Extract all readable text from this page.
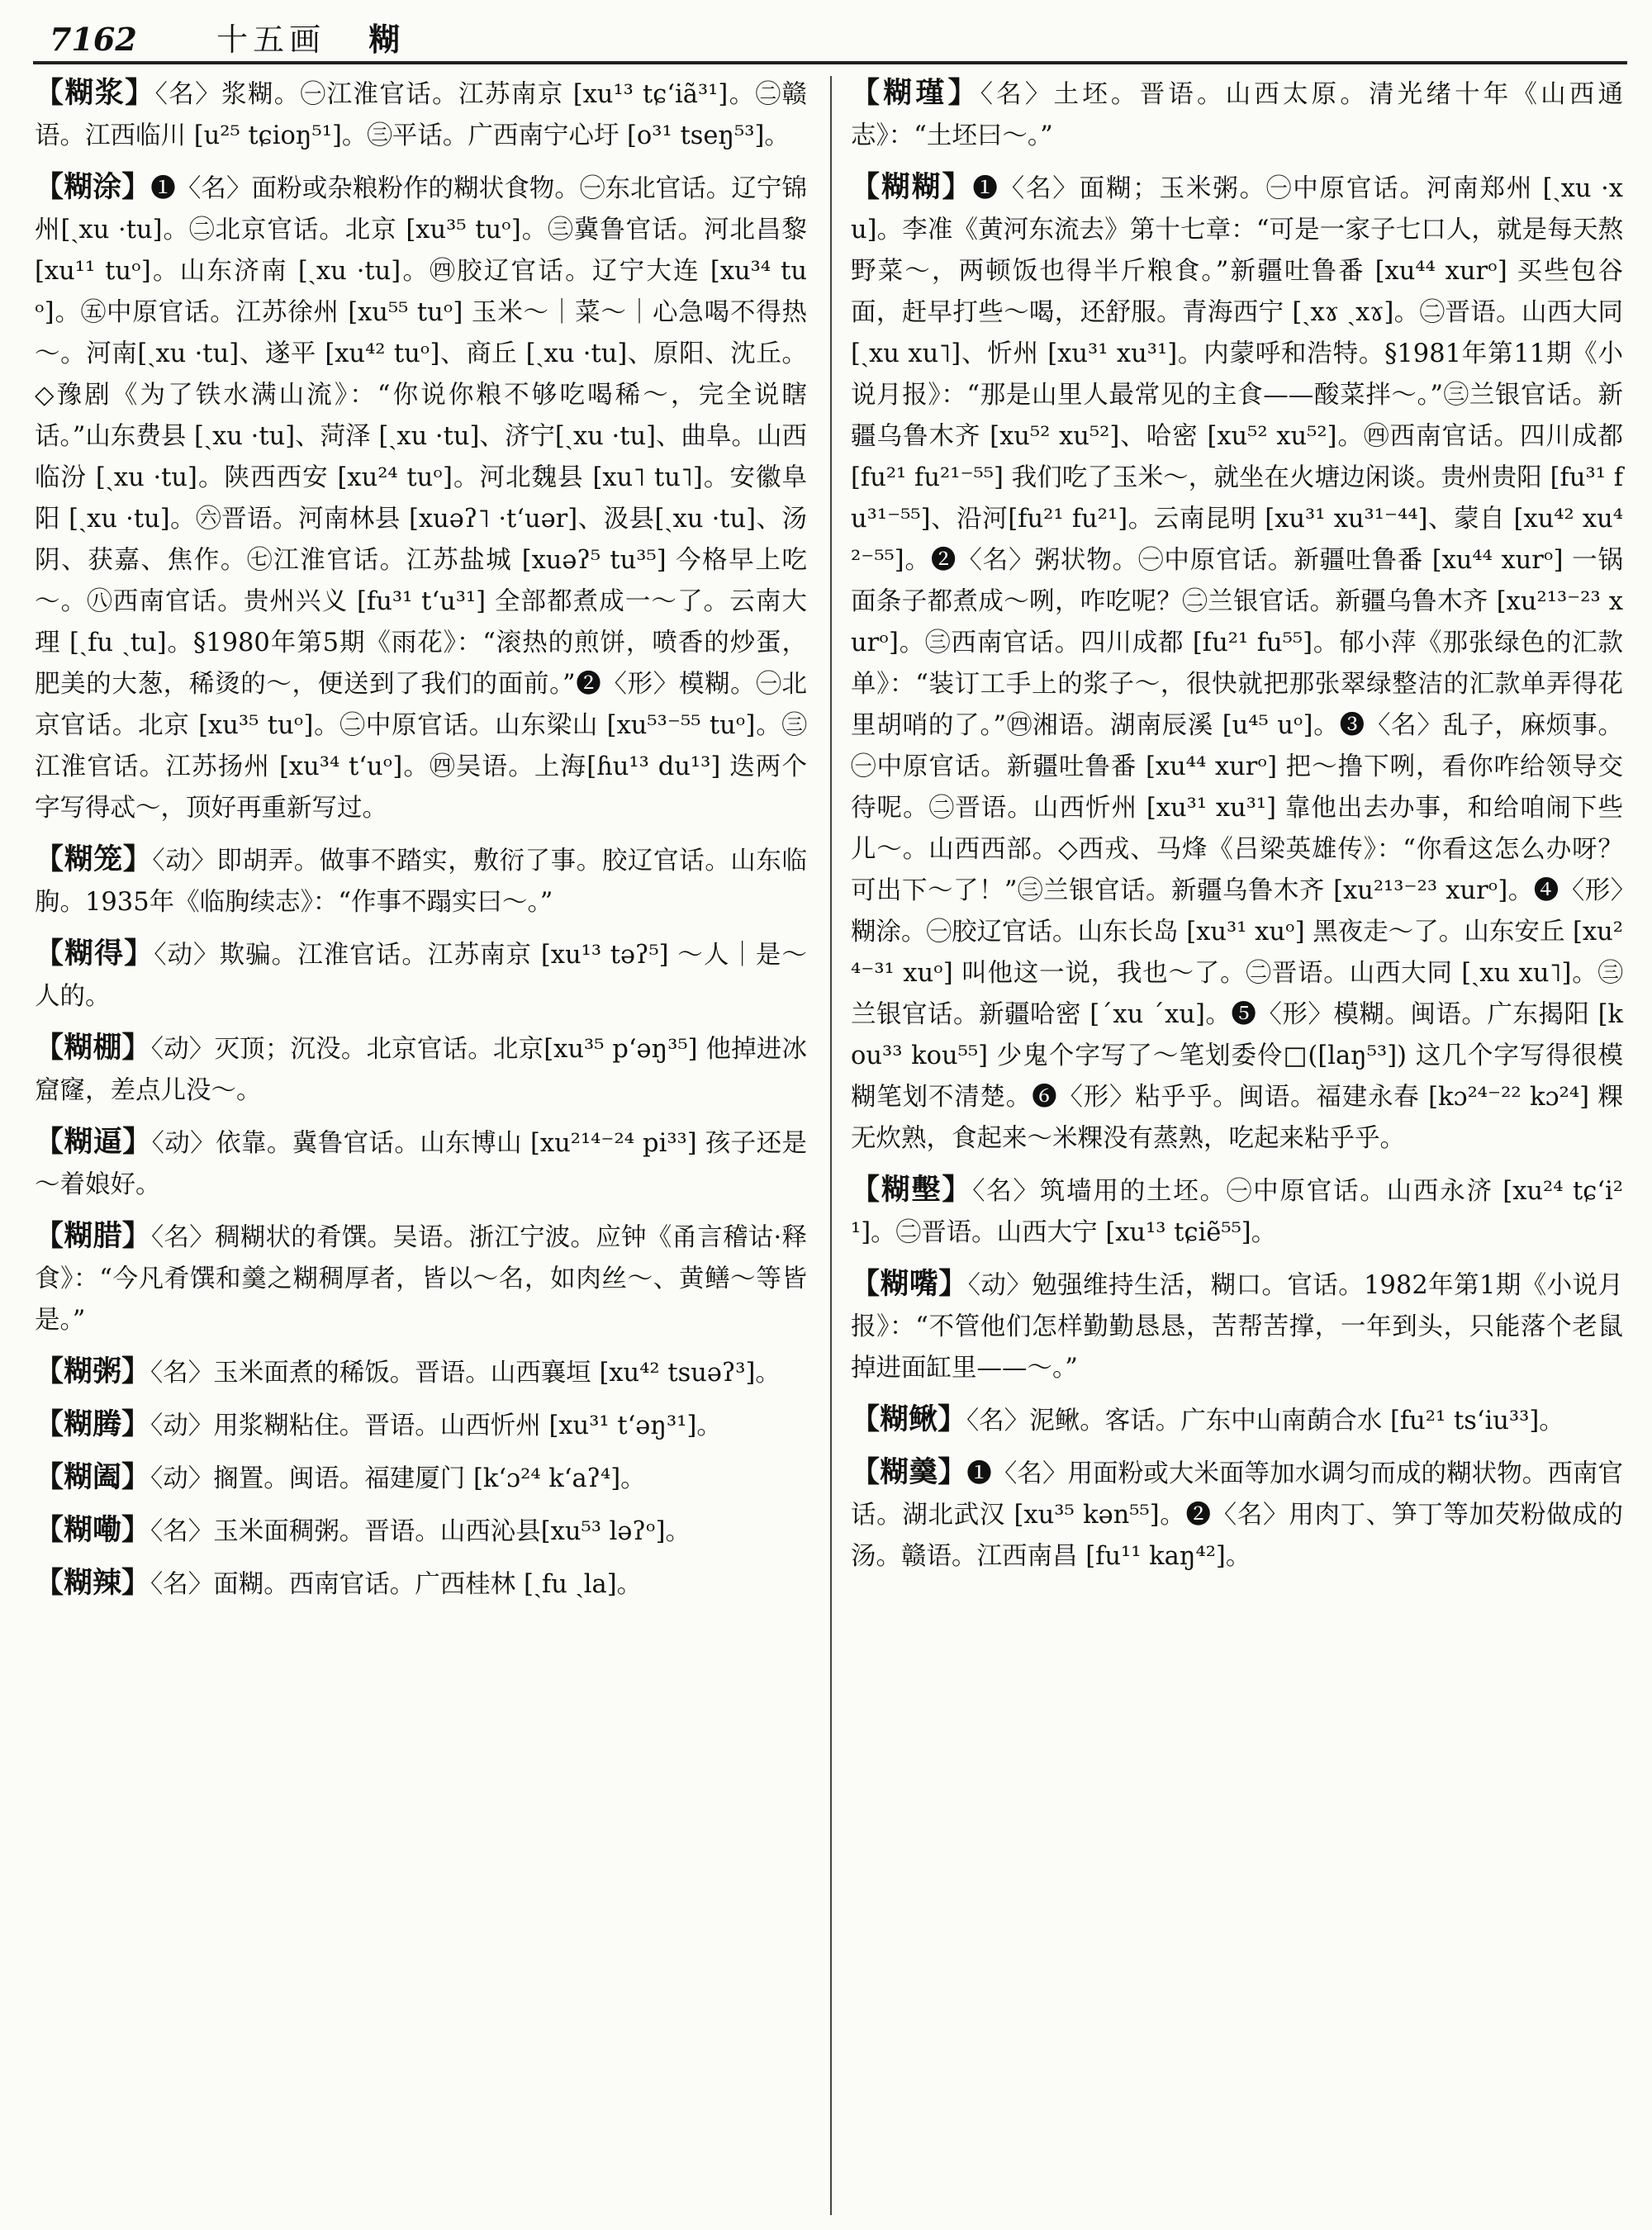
7162	十五画 糊
【糊浆】〈名〉浆糊。㊀江淮官话。江苏南京 [xu¹³ tɕʻiã³¹]。㊁赣语。江西临川 [u²⁵ tɕioŋ⁵¹]。㊂平话。广西南宁心圩 [o³¹ tseŋ⁵³]。
【糊涂】❶〈名〉面粉或杂粮粉作的糊状食物。㊀东北官话。辽宁锦州[ˏxu ·tu]。㊁北京官话。北京 [xu³⁵ tuᵒ]。㊂冀鲁官话。河北昌黎 [xu¹¹ tuᵒ]。山东济南 [ˏxu ·tu]。㊃胶辽官话。辽宁大连 [xu³⁴ tuᵒ]。㊄中原官话。江苏徐州 [xu⁵⁵ tuᵒ] 玉米～｜菜～｜心急喝不得热～。河南[ˏxu ·tu]、遂平 [xu⁴² tuᵒ]、商丘 [ˏxu ·tu]、原阳、沈丘。◇豫剧《为了铁水满山流》：“你说你粮不够吃喝稀～，完全说瞎话。”山东费县 [ˏxu ·tu]、菏泽 [ˏxu ·tu]、济宁[ˏxu ·tu]、曲阜。山西临汾 [ˏxu ·tu]。陕西西安 [xu²⁴ tuᵒ]。河北魏县 [xu˥ tu˥]。安徽阜阳 [ˏxu ·tu]。㊅晋语。河南林县 [xuəʔ˥ ·tʻuər]、汲县[ˏxu ·tu]、汤阴、获嘉、焦作。㊆江淮官话。江苏盐城 [xuəʔ⁵ tu³⁵] 今格早上吃～。㊇西南官话。贵州兴义 [fu³¹ tʻu³¹] 全部都煮成一～了。云南大理 [ˏfu ˏtu]。§1980年第5期《雨花》：“滚热的煎饼，喷香的炒蛋，肥美的大葱，稀烫的～，便送到了我们的面前。”❷〈形〉模糊。㊀北京官话。北京 [xu³⁵ tuᵒ]。㊁中原官话。山东梁山 [xu⁵³⁻⁵⁵ tuᵒ]。㊂江淮官话。江苏扬州 [xu³⁴ tʻuᵒ]。㊃吴语。上海[ɦu¹³ du¹³] 迭两个字写得忒～，顶好再重新写过。
【糊笼】〈动〉即胡弄。做事不踏实，敷衍了事。胶辽官话。山东临朐。1935年《临朐续志》：“作事不蹋实曰～。”
【糊得】〈动〉欺骗。江淮官话。江苏南京 [xu¹³ təʔ⁵] ～人｜是～人的。
【糊棚】〈动〉灭顶；沉没。北京官话。北京[xu³⁵ pʻəŋ³⁵] 他掉进冰窟窿，差点儿没～。
【糊逼】〈动〉依靠。冀鲁官话。山东博山 [xu²¹⁴⁻²⁴ pi³³] 孩子还是～着娘好。
【糊腊】〈名〉稠糊状的肴馔。吴语。浙江宁波。应钟《甬言稽诂·释食》：“今凡肴馔和羹之糊稠厚者，皆以～名，如肉丝～、黄鳝～等皆是。”
【糊粥】〈名〉玉米面煮的稀饭。晋语。山西襄垣 [xu⁴² tsuəʔ³]。
【糊腾】〈动〉用浆糊粘住。晋语。山西忻州 [xu³¹ tʻəŋ³¹]。
【糊阖】〈动〉搁置。闽语。福建厦门 [kʻɔ²⁴ kʻaʔ⁴]。
【糊嘞】〈名〉玉米面稠粥。晋语。山西沁县[xu⁵³ ləʔᵒ]。
【糊辣】〈名〉面糊。西南官话。广西桂林 [ˏfu ˏla]。
【糊瑾】〈名〉土坯。晋语。山西太原。清光绪十年《山西通志》：“土坯曰～。”
【糊糊】❶〈名〉面糊；玉米粥。㊀中原官话。河南郑州 [ˏxu ·xu]。李准《黄河东流去》第十七章：“可是一家子七口人，就是每天熬野菜～，两顿饭也得半斤粮食。”新疆吐鲁番 [xu⁴⁴ xurᵒ] 买些包谷面，赶早打些～喝，还舒服。青海西宁 [ˏxɤ ˏxɤ]。㊁晋语。山西大同 [ˏxu xu˥]、忻州 [xu³¹ xu³¹]。内蒙呼和浩特。§1981年第11期《小说月报》：“那是山里人最常见的主食——酸菜拌～。”㊂兰银官话。新疆乌鲁木齐 [xu⁵² xu⁵²]、哈密 [xu⁵² xu⁵²]。㊃西南官话。四川成都 [fu²¹ fu²¹⁻⁵⁵] 我们吃了玉米～，就坐在火塘边闲谈。贵州贵阳 [fu³¹ fu³¹⁻⁵⁵]、沿河[fu²¹ fu²¹]。云南昆明 [xu³¹ xu³¹⁻⁴⁴]、蒙自 [xu⁴² xu⁴²⁻⁵⁵]。❷〈名〉粥状物。㊀中原官话。新疆吐鲁番 [xu⁴⁴ xurᵒ] 一锅面条子都煮成～咧，咋吃呢？㊁兰银官话。新疆乌鲁木齐 [xu²¹³⁻²³ xurᵒ]。㊂西南官话。四川成都 [fu²¹ fu⁵⁵]。郁小萍《那张绿色的汇款单》：“装订工手上的浆子～，很快就把那张翠绿整洁的汇款单弄得花里胡哨的了。”㊃湘语。湖南辰溪 [u⁴⁵ uᵒ]。❸〈名〉乱子，麻烦事。㊀中原官话。新疆吐鲁番 [xu⁴⁴ xurᵒ] 把～撸下咧，看你咋给领导交待呢。㊁晋语。山西忻州 [xu³¹ xu³¹] 靠他出去办事，和给咱闹下些儿～。山西西部。◇西戎、马烽《吕梁英雄传》：“你看这怎么办呀？可出下～了！”㊂兰银官话。新疆乌鲁木齐 [xu²¹³⁻²³ xurᵒ]。❹〈形〉糊涂。㊀胶辽官话。山东长岛 [xu³¹ xuᵒ] 黑夜走～了。山东安丘 [xu²⁴⁻³¹ xuᵒ] 叫他这一说，我也～了。㊁晋语。山西大同 [ˏxu xu˥]。㊂兰银官话。新疆哈密 [ˊxu ˊxu]。❺〈形〉模糊。闽语。广东揭阳 [kou³³ kou⁵⁵] 少鬼个字写了～笔划委伶□([laŋ⁵³]) 这几个字写得很模糊笔划不清楚。❻〈形〉粘乎乎。闽语。福建永春 [kɔ²⁴⁻²² kɔ²⁴] 粿无炊熟，食起来～米粿没有蒸熟，吃起来粘乎乎。
【糊墼】〈名〉筑墙用的土坯。㊀中原官话。山西永济 [xu²⁴ tɕʻi²¹]。㊁晋语。山西大宁 [xu¹³ tɕiẽ⁵⁵]。
【糊嘴】〈动〉勉强维持生活，糊口。官话。1982年第1期《小说月报》：“不管他们怎样勤勤恳恳，苦帮苦撑，一年到头，只能落个老鼠掉进面缸里——～。”
【糊鳅】〈名〉泥鳅。客话。广东中山南蓢合水 [fu²¹ tsʻiu³³]。
【糊羹】❶〈名〉用面粉或大米面等加水调匀而成的糊状物。西南官话。湖北武汉 [xu³⁵ kən⁵⁵]。❷〈名〉用肉丁、笋丁等加芡粉做成的汤。赣语。江西南昌 [fu¹¹ kaŋ⁴²]。
